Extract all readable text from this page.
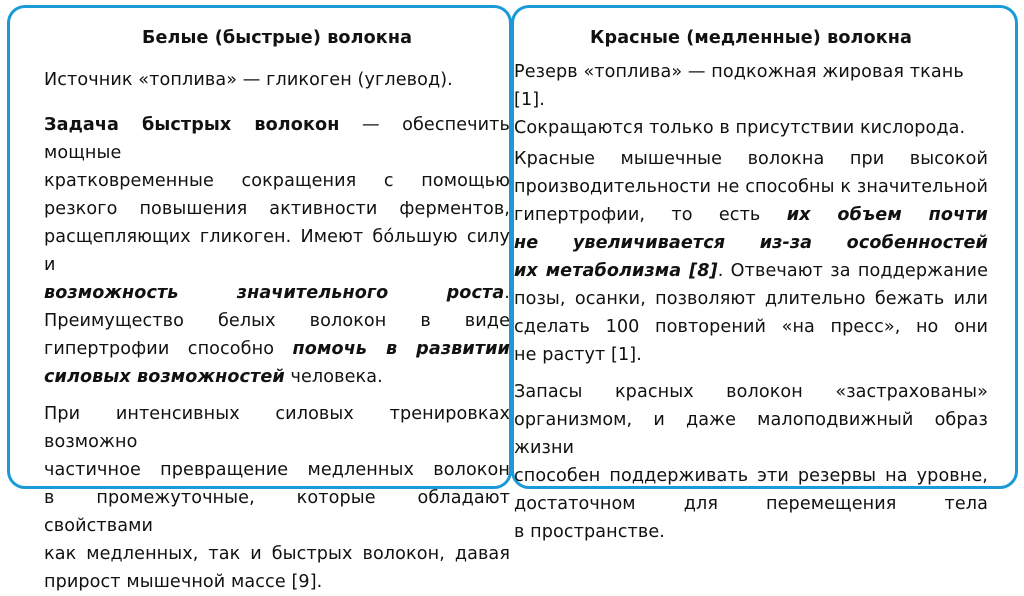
Белые (быстрые) волокна

Источник «топлива» — гликоген (углевод).

Задача быстрых волокон — обеспечить мощные

кратковременные сокращения с помощью

резкого повышения активности ферментов,

расщепляющих гликоген. Имеют бо́льшую силу и

возможность значительного роста.

Преимущество белых волокон в виде

гипертрофии способно помочь в развитии

силовых возможностей человека.

При интенсивных силовых тренировках возможно

частичное превращение медленных волокон

в промежуточные, которые обладают свойствами

как медленных, так и быстрых волокон, давая

прирост мышечной массе [9].

Красные (медленные) волокна

Резерв «топлива» — подкожная жировая ткань [1].

Сокращаются только в присутствии кислорода.

Красные мышечные волокна при высокой

производительности не способны к значительной

гипертрофии, то есть их объем почти

не увеличивается из-за особенностей

их метаболизма [8]. Отвечают за поддержание

позы, осанки, позволяют длительно бежать или

сделать 100 повторений «на пресс», но они

не растут [1].

Запасы красных волокон «застрахованы»

организмом, и даже малоподвижный образ жизни

способен поддерживать эти резервы на уровне,

достаточном для перемещения тела

в пространстве.
